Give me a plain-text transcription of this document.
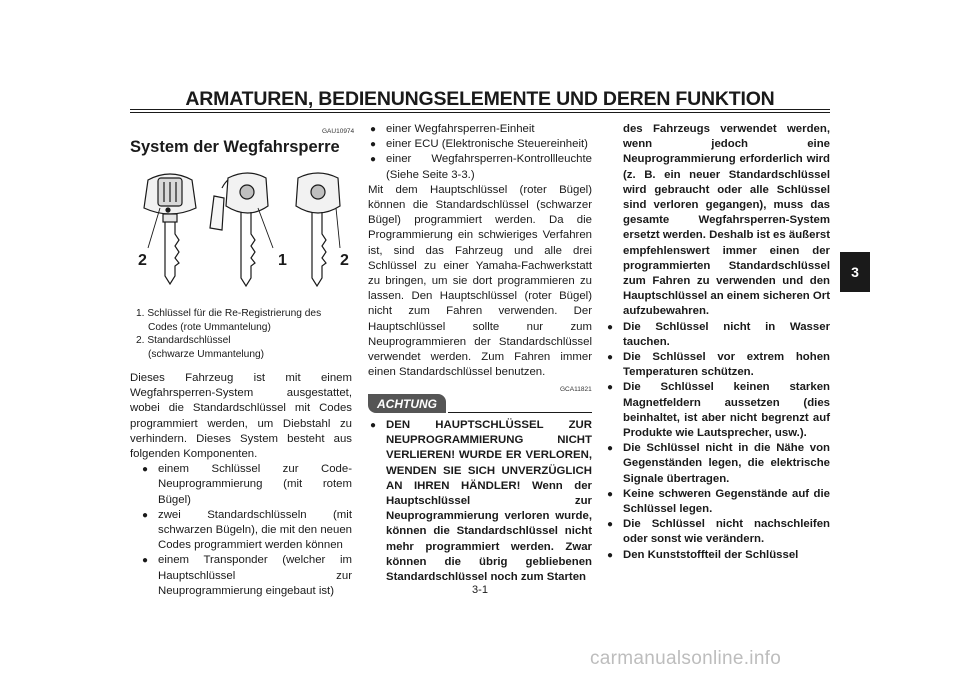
ARMATUREN, BEDIENUNGSELEMENTE UND DEREN FUNKTION
3
GAU10974
System der Wegfahrsperre
2	1	2
1. Schlüssel für die Re-Registrierung des
Codes (rote Ummantelung)
2. Standardschlüssel
(schwarze Ummantelung)

Dieses Fahrzeug ist mit einem Wegfahrsperren-System ausgestattet, wobei die Standardschlüssel mit Codes programmiert werden, um Diebstahl zu verhindern. Dieses System besteht aus folgenden Komponenten.

● einem Schlüssel zur Code-Neuprogrammierung (mit rotem Bügel)

● zwei Standardschlüsseln (mit schwarzen Bügeln), die mit den neuen Codes programmiert werden können

● einem Transponder (welcher im Hauptschlüssel zur Neuprogrammierung eingebaut ist)

● einer Wegfahrsperren-Einheit

● einer ECU (Elektronische Steuereinheit)

● einer Wegfahrsperren-Kontrollleuchte (Siehe Seite 3-3.)

Mit dem Hauptschlüssel (roter Bügel) können die Standardschlüssel (schwarzer Bügel) programmiert werden. Da die Programmierung ein schwieriges Verfahren ist, sind das Fahrzeug und alle drei Schlüssel zu einer Yamaha-Fachwerkstatt zu bringen, um sie dort programmieren zu lassen. Den Hauptschlüssel (roter Bügel) nicht zum Fahren verwenden. Der Hauptschlüssel sollte nur zum Neuprogrammieren der Standardschlüssel verwendet werden. Zum Fahren immer einen Standardschlüssel benutzen.

GCA11821
ACHTUNG

● DEN HAUPTSCHLÜSSEL ZUR NEUPROGRAMMIERUNG NICHT VERLIEREN! WURDE ER VERLOREN, WENDEN SIE SICH UNVERZÜGLICH AN IHREN HÄNDLER! Wenn der Hauptschlüssel zur Neuprogrammierung verloren wurde, können die Standardschlüssel nicht mehr programmiert werden. Zwar können die übrig gebliebenen Standardschlüssel noch zum Starten

des Fahrzeugs verwendet werden, wenn jedoch eine Neuprogrammierung erforderlich wird (z. B. ein neuer Standardschlüssel wird gebraucht oder alle Schlüssel sind verloren gegangen), muss das gesamte Wegfahrsperren-System ersetzt werden. Deshalb ist es äußerst empfehlenswert immer einen der programmierten Standardschlüssel zum Fahren zu verwenden und den Hauptschlüssel an einem sicheren Ort aufzubewahren.

● Die Schlüssel nicht in Wasser tauchen.

● Die Schlüssel vor extrem hohen Temperaturen schützen.

● Die Schlüssel keinen starken Magnetfeldern aussetzen (dies beinhaltet, ist aber nicht begrenzt auf Produkte wie Lautsprecher, usw.).

● Die Schlüssel nicht in die Nähe von Gegenständen legen, die elektrische Signale übertragen.

● Keine schweren Gegenstände auf die Schlüssel legen.

● Die Schlüssel nicht nachschleifen oder sonst wie verändern.

● Den Kunststoffteil der Schlüssel

3-1
carmanualsonline.info
